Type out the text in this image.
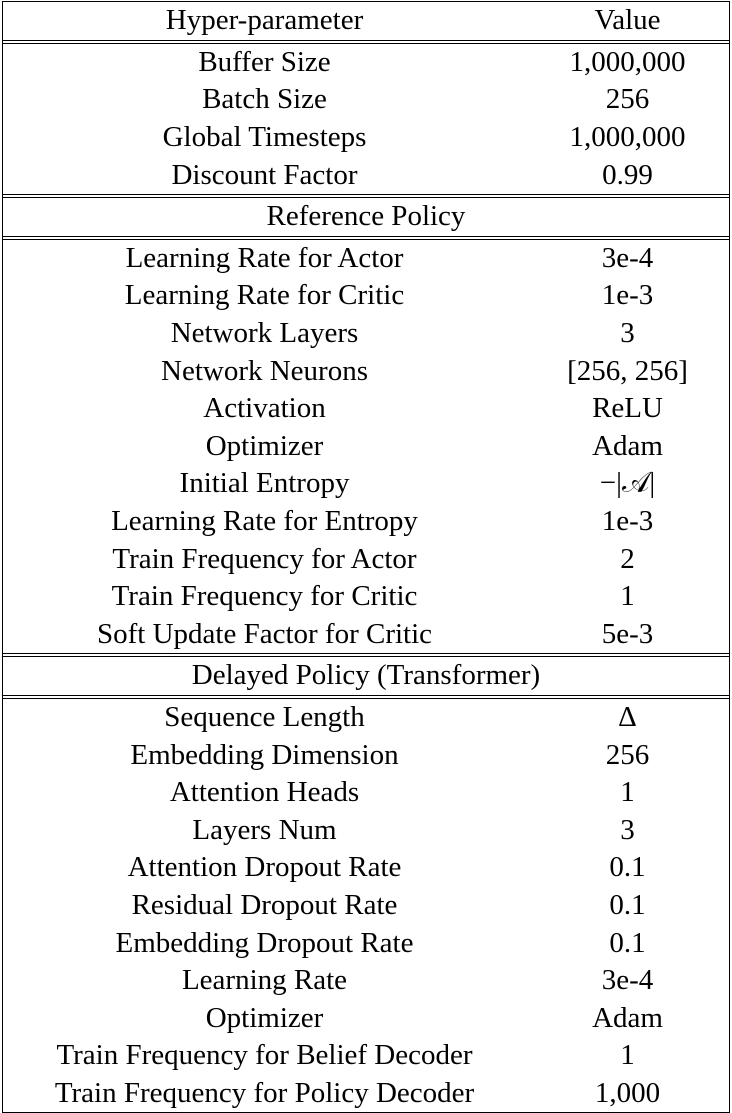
Hyper-parameter	Value
Buffer Size	1,000,000
Batch Size	256
Global Timesteps	1,000,000
Discount Factor	0.99
Reference Policy
Learning Rate for Actor	3e-4
Learning Rate for Critic	1e-3
Network Layers	3
Network Neurons	[256, 256]
Activation	ReLU
Optimizer	Adam
Initial Entropy	−|𝒜|
Learning Rate for Entropy	1e-3
Train Frequency for Actor	2
Train Frequency for Critic	1
Soft Update Factor for Critic	5e-3
Delayed Policy (Transformer)
Sequence Length	Δ
Embedding Dimension	256
Attention Heads	1
Layers Num	3
Attention Dropout Rate	0.1
Residual Dropout Rate	0.1
Embedding Dropout Rate	0.1
Learning Rate	3e-4
Optimizer	Adam
Train Frequency for Belief Decoder	1
Train Frequency for Policy Decoder	1,000
